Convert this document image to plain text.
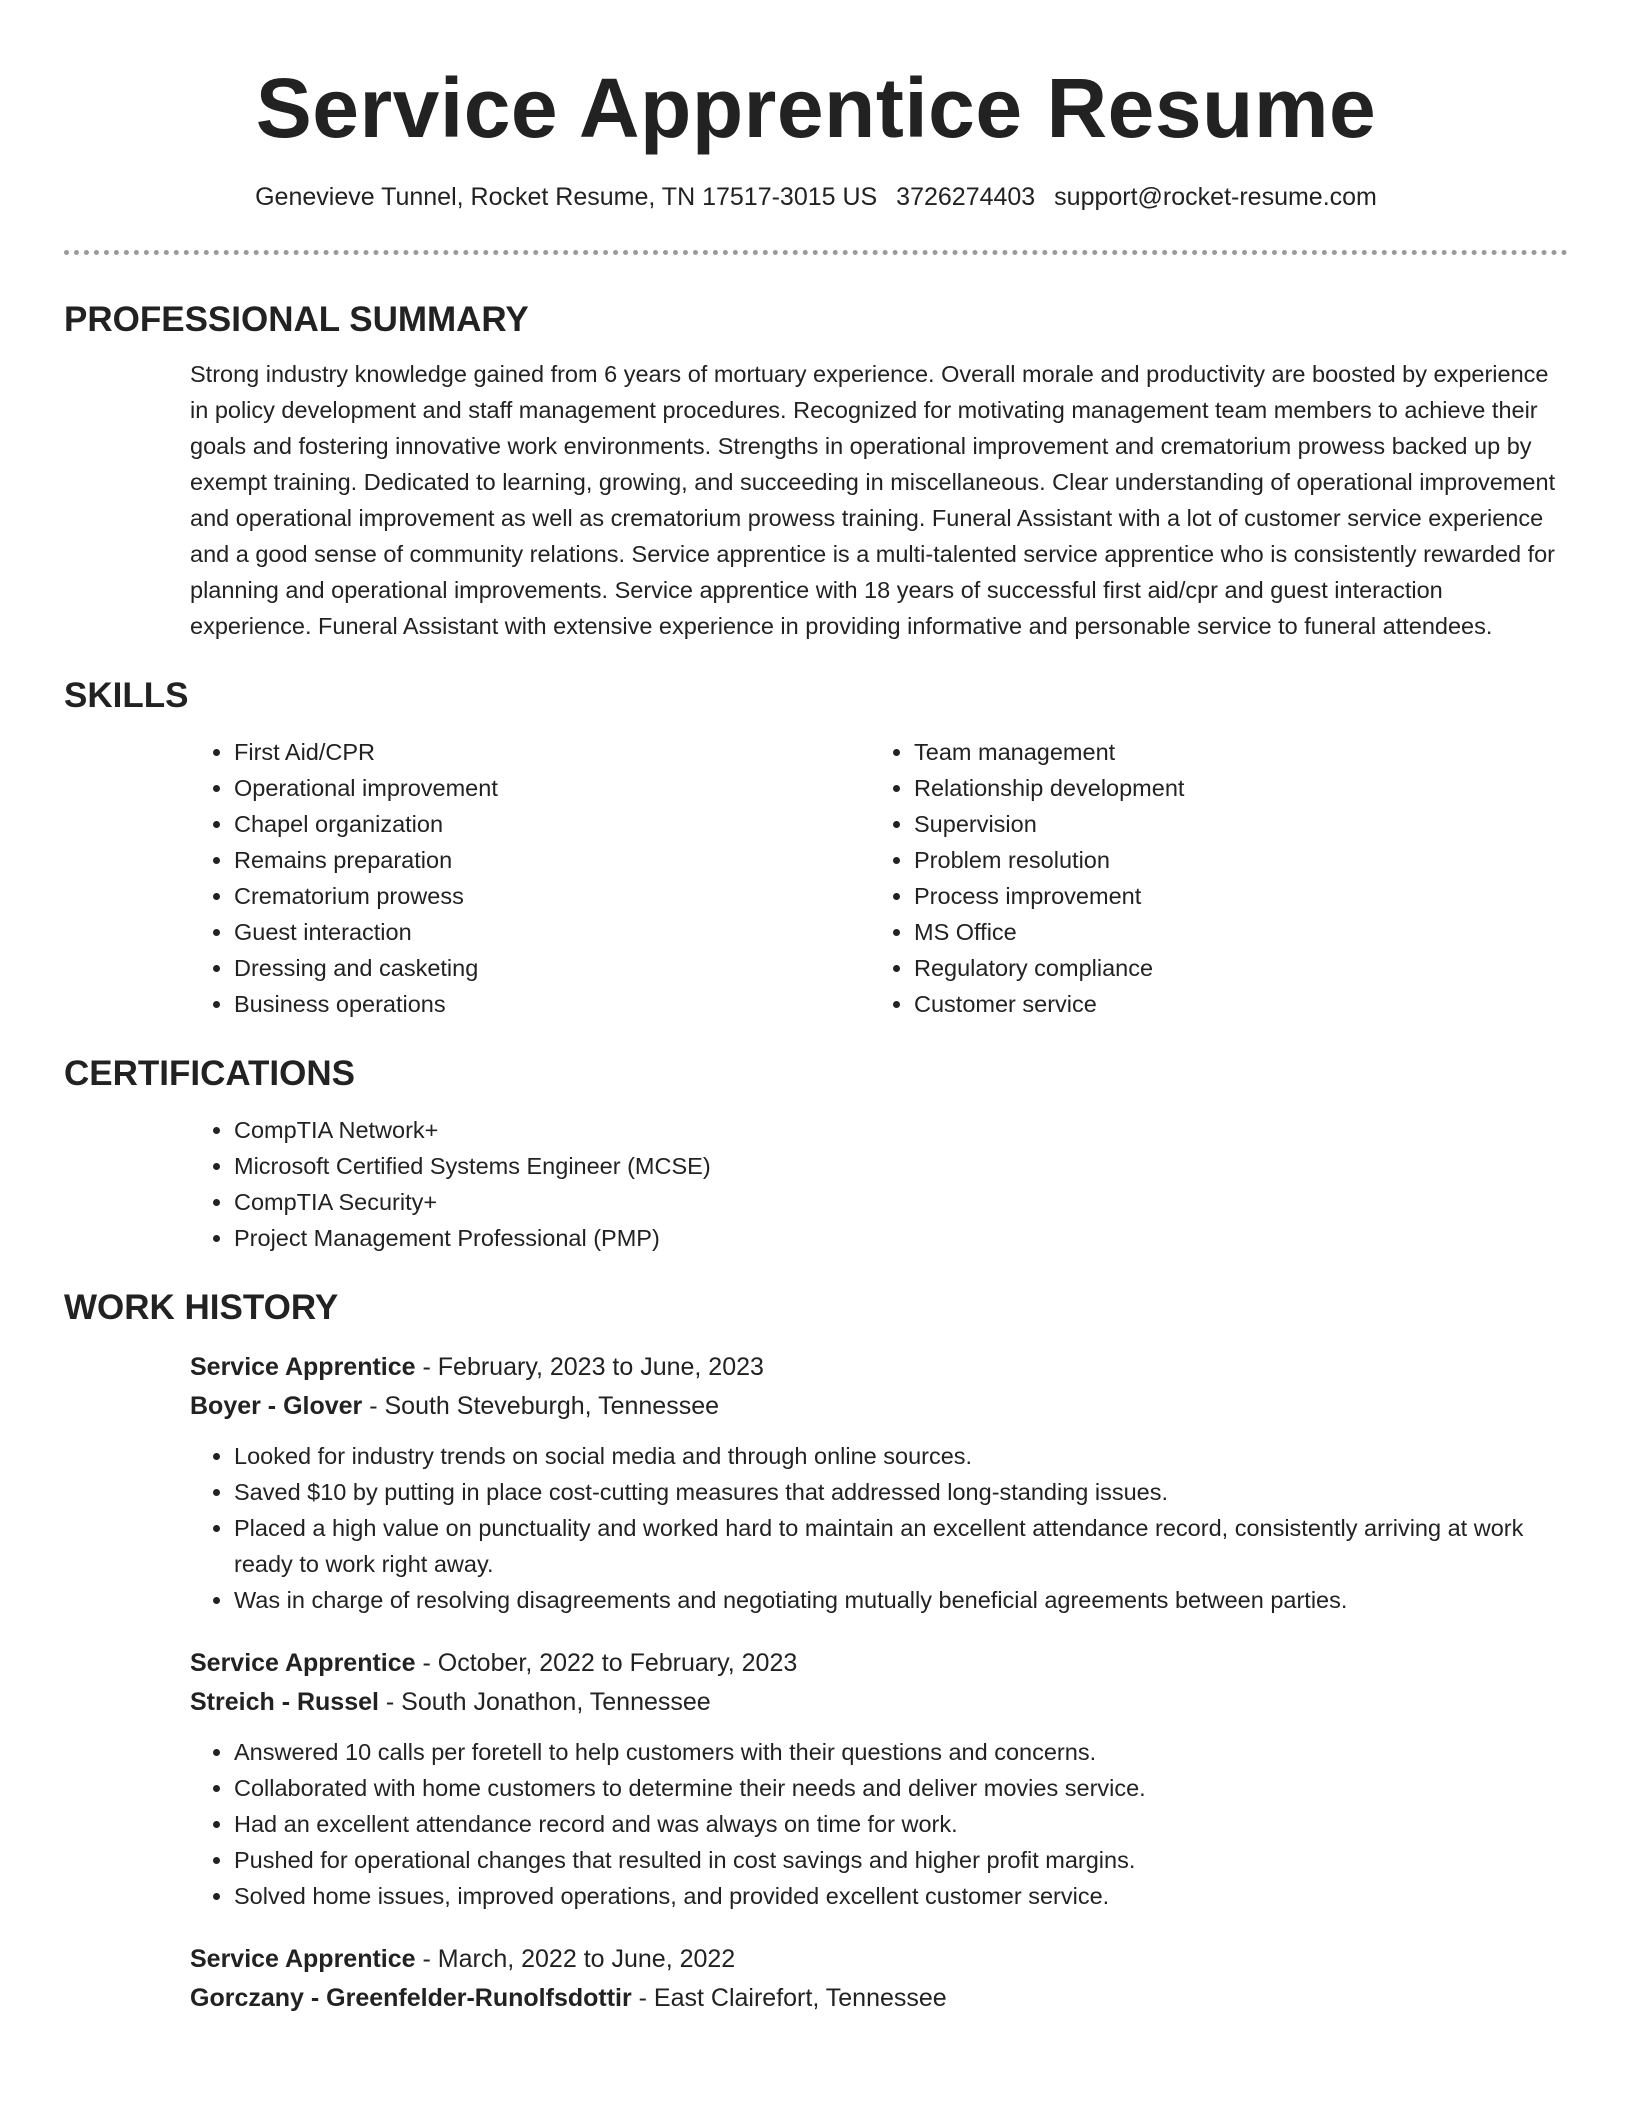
Service Apprentice Resume
Genevieve Tunnel, Rocket Resume, TN 17517-3015 US 3726274403 support@rocket-resume.com
PROFESSIONAL SUMMARY

Strong industry knowledge gained from 6 years of mortuary experience. Overall morale and productivity are boosted by experience in policy development and staff management procedures. Recognized for motivating management team members to achieve their goals and fostering innovative work environments. Strengths in operational improvement and crematorium prowess backed up by exempt training. Dedicated to learning, growing, and succeeding in miscellaneous. Clear understanding of operational improvement and operational improvement as well as crematorium prowess training. Funeral Assistant with a lot of customer service experience and a good sense of community relations. Service apprentice is a multi-talented service apprentice who is consistently rewarded for planning and operational improvements. Service apprentice with 18 years of successful first aid/cpr and guest interaction experience. Funeral Assistant with extensive experience in providing informative and personable service to funeral attendees.

SKILLS
• First Aid/CPR
• Operational improvement
• Chapel organization
• Remains preparation
• Crematorium prowess
• Guest interaction
• Dressing and casketing
• Business operations
• Team management
• Relationship development
• Supervision
• Problem resolution
• Process improvement
• MS Office
• Regulatory compliance
• Customer service
CERTIFICATIONS
• CompTIA Network+
• Microsoft Certified Systems Engineer (MCSE)
• CompTIA Security+
• Project Management Professional (PMP)
WORK HISTORY
Service Apprentice - February, 2023 to June, 2023
Boyer - Glover - South Steveburgh, Tennessee
• Looked for industry trends on social media and through online sources.
• Saved $10 by putting in place cost-cutting measures that addressed long-standing issues.
• Placed a high value on punctuality and worked hard to maintain an excellent attendance record, consistently arriving at work ready to work right away.
• Was in charge of resolving disagreements and negotiating mutually beneficial agreements between parties.
Service Apprentice - October, 2022 to February, 2023
Streich - Russel - South Jonathon, Tennessee
• Answered 10 calls per foretell to help customers with their questions and concerns.
• Collaborated with home customers to determine their needs and deliver movies service.
• Had an excellent attendance record and was always on time for work.
• Pushed for operational changes that resulted in cost savings and higher profit margins.
• Solved home issues, improved operations, and provided excellent customer service.
Service Apprentice - March, 2022 to June, 2022
Gorczany - Greenfelder-Runolfsdottir - East Clairefort, Tennessee
